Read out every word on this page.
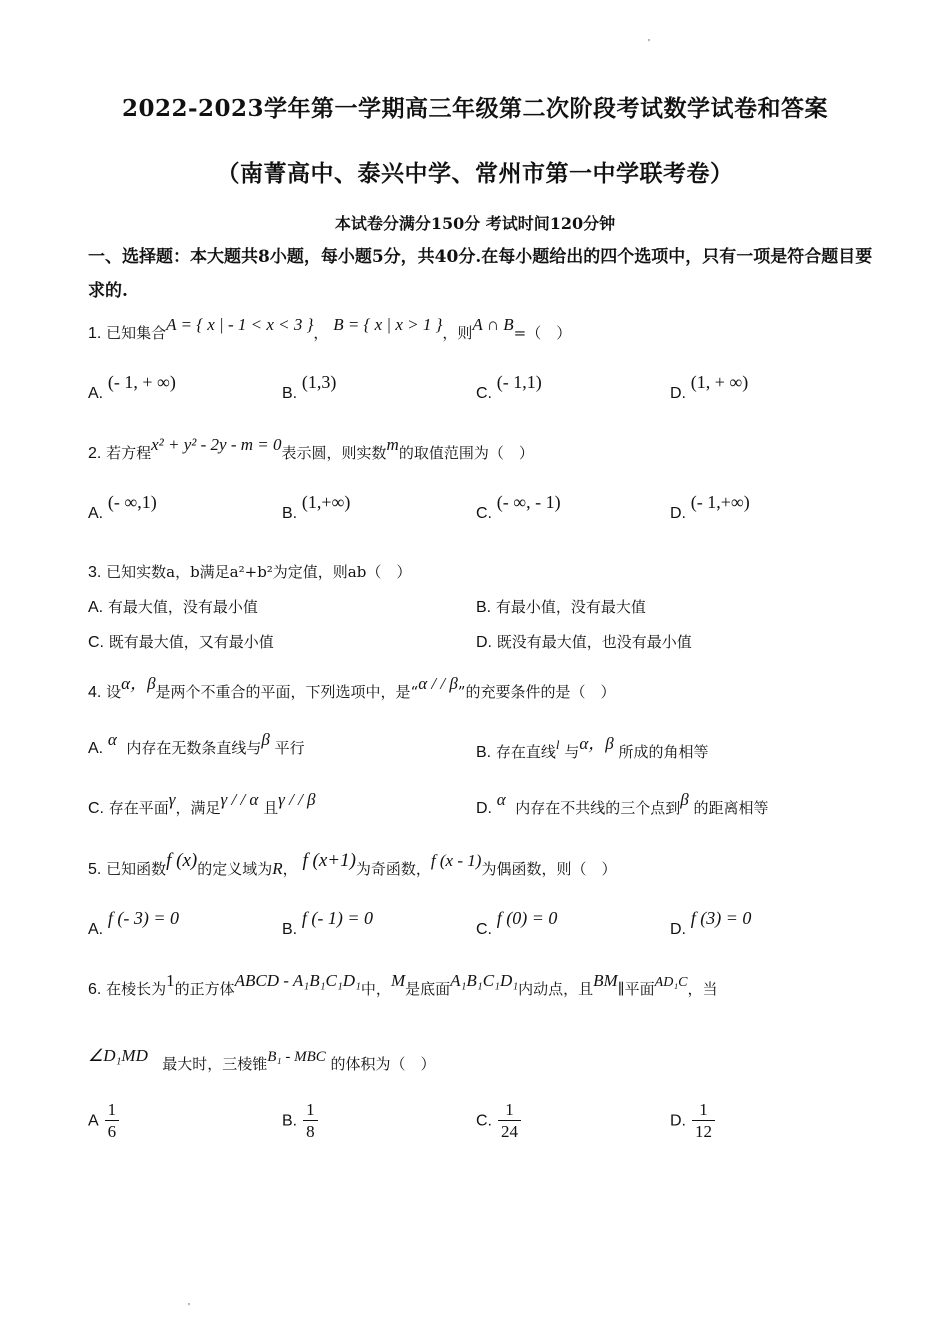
'
2022-2023学年第一学期高三年级第二次阶段考试数学试卷和答案
（南菁高中、泰兴中学、常州市第一中学联考卷）
本试卷分满分150分 考试时间120分钟
一、选择题：本大题共8小题，每小题5分，共40分.在每小题给出的四个选项中，只有一项是符合题目要求的.
1. 已知集合A = { x | - 1 < x < 3 }， B = { x | x > 1 }，则A ∩ B=（　）
A. (- 1, + ∞)
B. (1,3)
C. (- 1,1)
D. (1, + ∞)
2. 若方程x² + y² - 2y - m = 0表示圆，则实数m的取值范围为（　）
A. (- ∞,1)
B. (1,+∞)
C. (- ∞, - 1)
D. (- 1,+∞)
3. 已知实数a，b满足a²+b²为定值，则ab（　）
A. 有最大值，没有最小值	B. 有最小值，没有最大值
C. 既有最大值，又有最小值	D. 既没有最大值，也没有最小值
4. 设α，β是两个不重合的平面，下列选项中，是“α / / β”的充要条件的是（　）
A. α 内存在无数条直线与β 平行	B. 存在直线l 与α，β 所成的角相等
C. 存在平面γ，满足γ / / α 且γ / / β	D. α 内存在不共线的三个点到β 的距离相等
5. 已知函数f (x)的定义域为R， f (x+1)为奇函数，f (x - 1)为偶函数，则（　）
A. f (- 3) = 0
B. f (- 1) = 0
C. f (0) = 0
D. f (3) = 0
6. 在棱长为1的正方体ABCD - A₁B₁C₁D₁中，M是底面A₁B₁C₁D₁内动点，且BM∥平面AD₁C，当
∠D₁MD 最大时，三棱锥B₁ - MBC 的体积为（　）
A $\frac{1}{6}$	B. $\frac{1}{8}$	C. $\frac{1}{24}$	D. $\frac{1}{12}$
'
